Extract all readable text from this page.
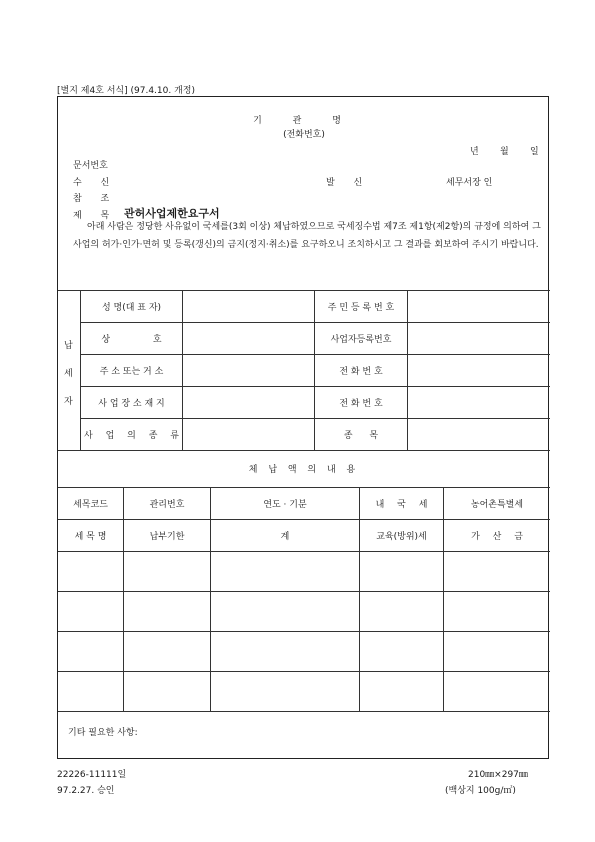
[별지 제4호 서식] (97.4.10. 개정)
기 관 명
(전화번호)
년 월 일
문서번호
수 신	발 신	세무서장 인
참 조
제 목 관허사업제한요구서
아래 사람은 정당한 사유없이 국세를(3회 이상) 체납하였으므로 국세징수법 제7조 제1항(제2항)의 규정에 의하여 그 사업의 허가·인가·면허 및 등록(갱신)의 금지(정지·취소)를 요구하오니 조치하시고 그 결과를 회보하여 주시기 바랍니다.
납
세
자
성 명(대 표 자)	주 민 등 록 번 호
상 호	사업자등록번호
주 소 또는 거 소	전 화 번 호
사 업 장 소 재 지	전 화 번 호
사 업 의 종 류	종 목
체 납 액 의 내 용
세목코드	관리번호	연도 · 기분	내 국 세	농어촌특별세
세 목 명	납부기한	계	교육(방위)세	가 산 금
기타 필요한 사항:
22226-11111일
97.2.27. 승인
210㎜×297㎜
(백상지 100g/㎡)
